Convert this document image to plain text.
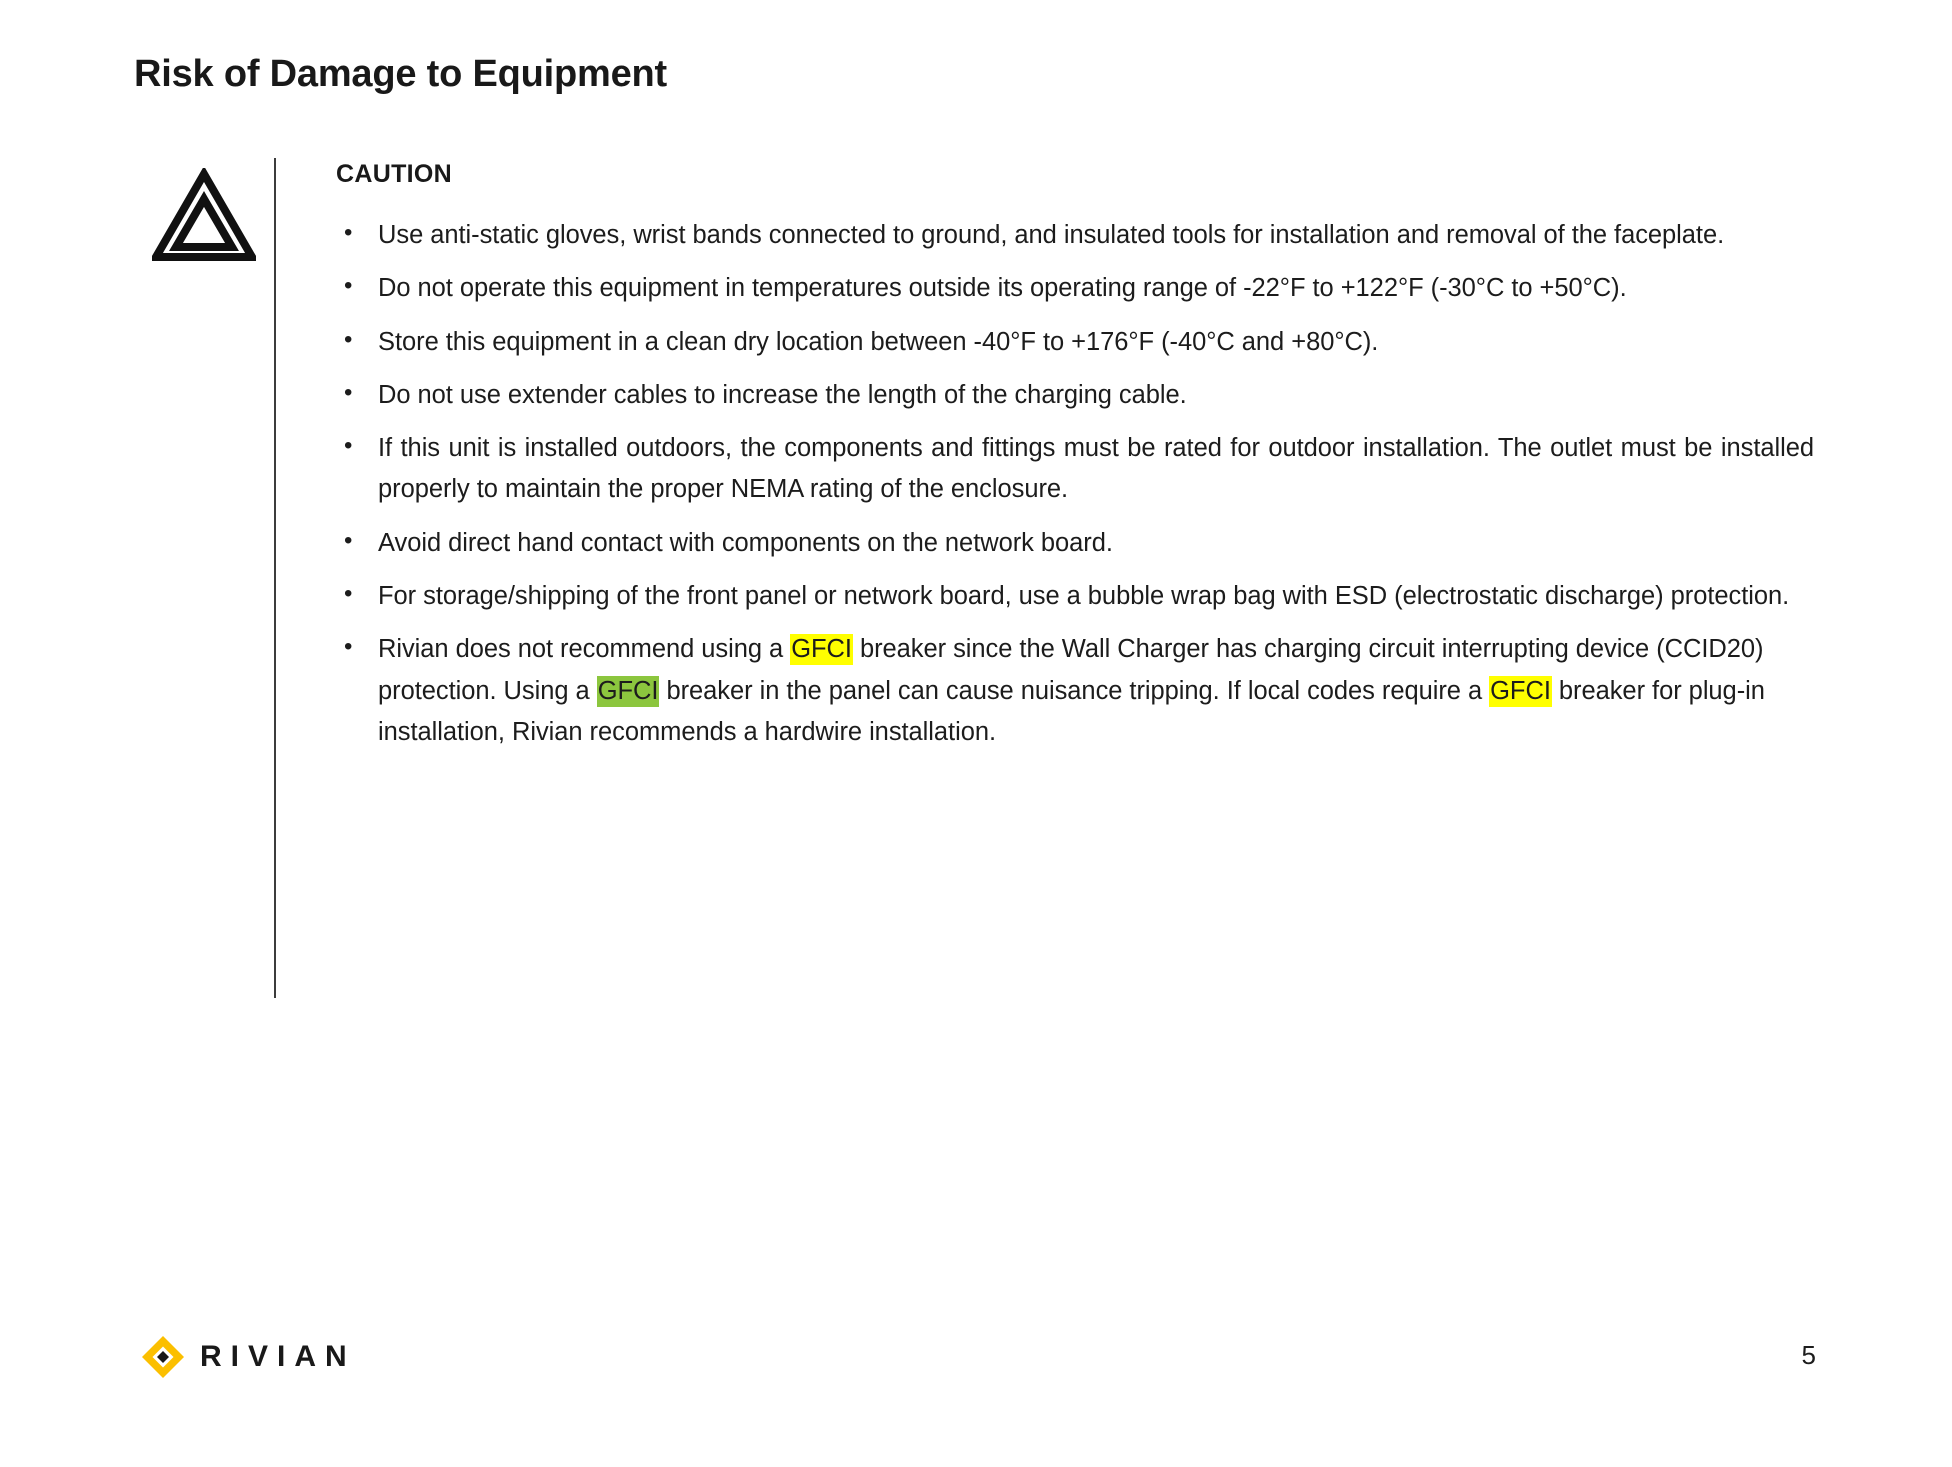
Risk of Damage to Equipment
CAUTION
• Use anti-static gloves, wrist bands connected to ground, and insulated tools for installation and removal of the faceplate.
• Do not operate this equipment in temperatures outside its operating range of -22°F to +122°F (-30°C to +50°C).
• Store this equipment in a clean dry location between -40°F to +176°F (-40°C and +80°C).
• Do not use extender cables to increase the length of the charging cable.
• If this unit is installed outdoors, the components and fittings must be rated for outdoor installation. The outlet must be installed properly to maintain the proper NEMA rating of the enclosure.
• Avoid direct hand contact with components on the network board.
• For storage/shipping of the front panel or network board, use a bubble wrap bag with ESD (electrostatic discharge) protection.
• Rivian does not recommend using a GFCI breaker since the Wall Charger has charging circuit interrupting device (CCID20) protection. Using a GFCI breaker in the panel can cause nuisance tripping. If local codes require a GFCI breaker for plug-in installation, Rivian recommends a hardwire installation.
RIVIAN	5
